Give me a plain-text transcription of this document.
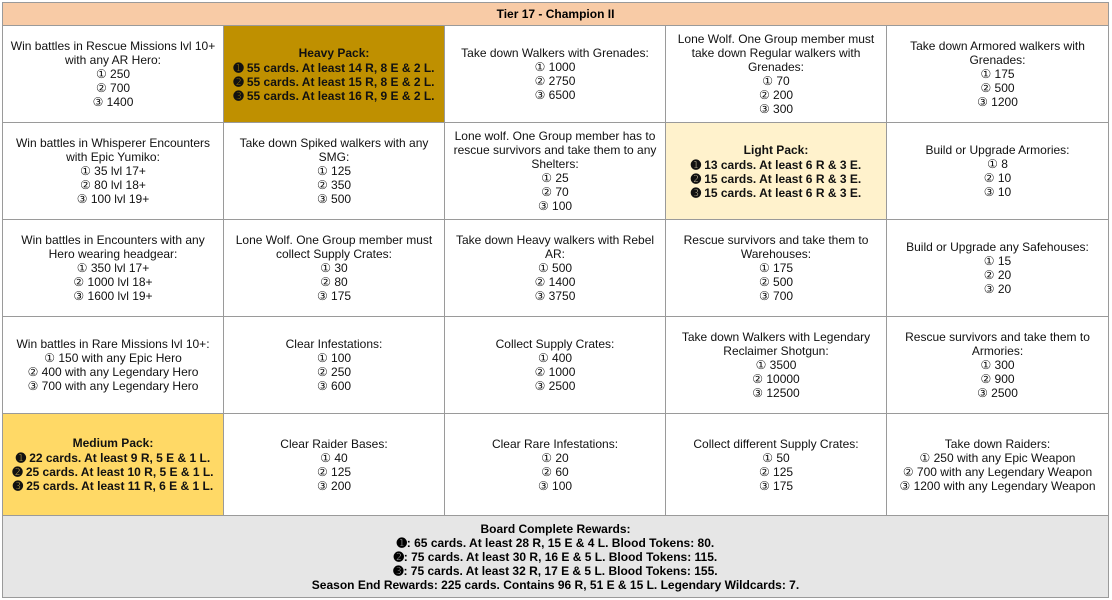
Tier 17 - Champion II
Win battles in Rescue Missions lvl 10+ with any AR Hero:
① 250
② 700
③ 1400
Heavy Pack:
➊ 55 cards. At least 14 R, 8 E & 2 L.
➋ 55 cards. At least 15 R, 8 E & 2 L.
➌ 55 cards. At least 16 R, 9 E & 2 L.
Take down Walkers with Grenades:
① 1000
② 2750
③ 6500
Lone Wolf. One Group member must take down Regular walkers with Grenades:
① 70
② 200
③ 300
Take down Armored walkers with Grenades:
① 175
② 500
③ 1200
Win battles in Whisperer Encounters with Epic Yumiko:
① 35 lvl 17+
② 80 lvl 18+
③ 100 lvl 19+
Take down Spiked walkers with any SMG:
① 125
② 350
③ 500
Lone wolf. One Group member has to rescue survivors and take them to any Shelters:
① 25
② 70
③ 100
Light Pack:
➊ 13 cards. At least 6 R & 3 E.
➋ 15 cards. At least 6 R & 3 E.
➌ 15 cards. At least 6 R & 3 E.
Build or Upgrade Armories:
① 8
② 10
③ 10
Win battles in Encounters with any Hero wearing headgear:
① 350 lvl 17+
② 1000 lvl 18+
③ 1600 lvl 19+
Lone Wolf. One Group member must collect Supply Crates:
① 30
② 80
③ 175
Take down Heavy walkers with Rebel AR:
① 500
② 1400
③ 3750
Rescue survivors and take them to Warehouses:
① 175
② 500
③ 700
Build or Upgrade any Safehouses:
① 15
② 20
③ 20
Win battles in Rare Missions lvl 10+:
① 150 with any Epic Hero
② 400 with any Legendary Hero
③ 700 with any Legendary Hero
Clear Infestations:
① 100
② 250
③ 600
Collect Supply Crates:
① 400
② 1000
③ 2500
Take down Walkers with Legendary Reclaimer Shotgun:
① 3500
② 10000
③ 12500
Rescue survivors and take them to Armories:
① 300
② 900
③ 2500
Medium Pack:
➊ 22 cards. At least 9 R, 5 E & 1 L.
➋ 25 cards. At least 10 R, 5 E & 1 L.
➌ 25 cards. At least 11 R, 6 E & 1 L.
Clear Raider Bases:
① 40
② 125
③ 200
Clear Rare Infestations:
① 20
② 60
③ 100
Collect different Supply Crates:
① 50
② 125
③ 175
Take down Raiders:
① 250 with any Epic Weapon
② 700 with any Legendary Weapon
③ 1200 with any Legendary Weapon
Board Complete Rewards:
➊: 65 cards. At least 28 R, 15 E & 4 L. Blood Tokens: 80.
➋: 75 cards. At least 30 R, 16 E & 5 L. Blood Tokens: 115.
➌: 75 cards. At least 32 R, 17 E & 5 L. Blood Tokens: 155.
Season End Rewards: 225 cards. Contains 96 R, 51 E & 15 L. Legendary Wildcards: 7.
